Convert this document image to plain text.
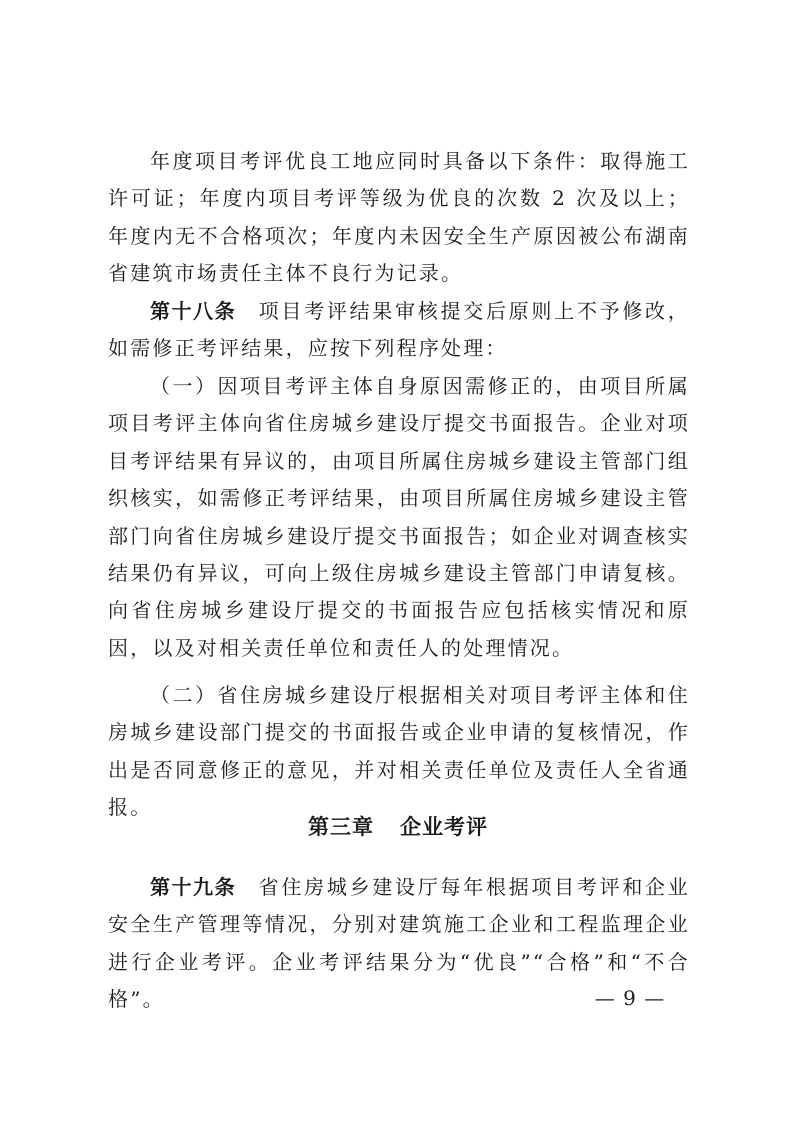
年度项目考评优良工地应同时具备以下条件：取得施工许可证；年度内项目考评等级为优良的次数 2 次及以上；年度内无不合格项次；年度内未因安全生产原因被公布湖南省建筑市场责任主体不良行为记录。

第十八条 项目考评结果审核提交后原则上不予修改，如需修正考评结果，应按下列程序处理：

（一）因项目考评主体自身原因需修正的，由项目所属项目考评主体向省住房城乡建设厅提交书面报告。企业对项目考评结果有异议的，由项目所属住房城乡建设主管部门组织核实，如需修正考评结果，由项目所属住房城乡建设主管部门向省住房城乡建设厅提交书面报告；如企业对调查核实结果仍有异议，可向上级住房城乡建设主管部门申请复核。向省住房城乡建设厅提交的书面报告应包括核实情况和原因，以及对相关责任单位和责任人的处理情况。

（二）省住房城乡建设厅根据相关对项目考评主体和住房城乡建设部门提交的书面报告或企业申请的复核情况，作出是否同意修正的意见，并对相关责任单位及责任人全省通报。

第三章 企业考评

第十九条 省住房城乡建设厅每年根据项目考评和企业安全生产管理等情况，分别对建筑施工企业和工程监理企业进行企业考评。企业考评结果分为“优良”“合格”和“不合格”。	— 9 —
